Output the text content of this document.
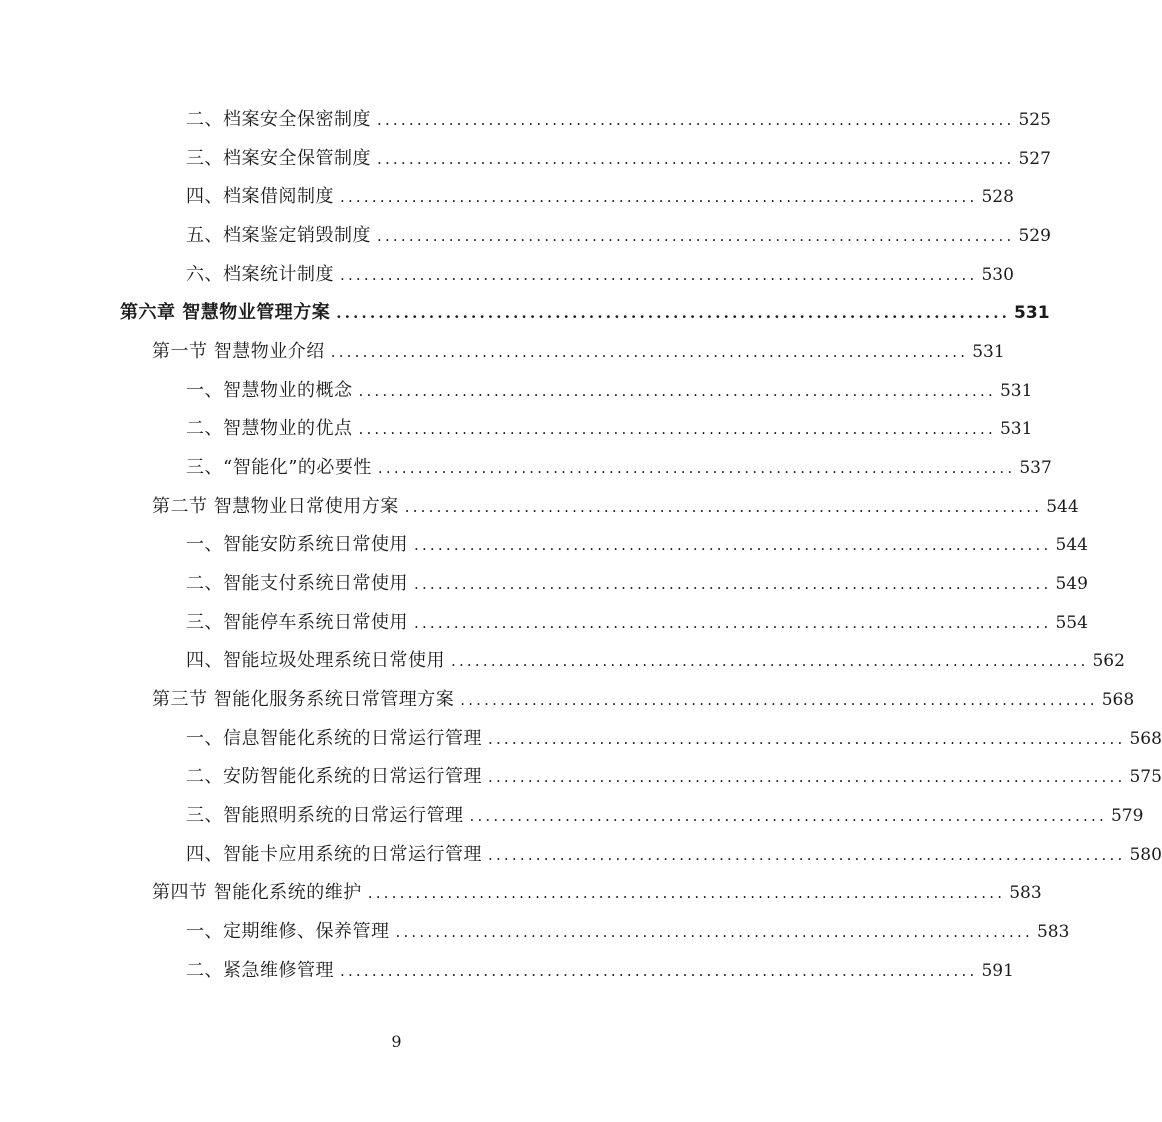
二、档案安全保密制度 ................................................................................ 525
三、档案安全保管制度 ................................................................................ 527
四、档案借阅制度 ................................................................................ 528
五、档案鉴定销毁制度 ................................................................................ 529
六、档案统计制度 ................................................................................ 530
第六章 智慧物业管理方案 ................................................................................ 531
第一节 智慧物业介绍 ................................................................................ 531
一、智慧物业的概念 ................................................................................ 531
二、智慧物业的优点 ................................................................................ 531
三、“智能化”的必要性 ................................................................................ 537
第二节 智慧物业日常使用方案 ................................................................................ 544
一、智能安防系统日常使用 ................................................................................ 544
二、智能支付系统日常使用 ................................................................................ 549
三、智能停车系统日常使用 ................................................................................ 554
四、智能垃圾处理系统日常使用 ................................................................................ 562
第三节 智能化服务系统日常管理方案 ................................................................................ 568
一、信息智能化系统的日常运行管理 ................................................................................ 568
二、安防智能化系统的日常运行管理 ................................................................................ 575
三、智能照明系统的日常运行管理 ................................................................................ 579
四、智能卡应用系统的日常运行管理 ................................................................................ 580
第四节 智能化系统的维护 ................................................................................ 583
一、定期维修、保养管理 ................................................................................ 583
二、紧急维修管理 ................................................................................ 591
9
